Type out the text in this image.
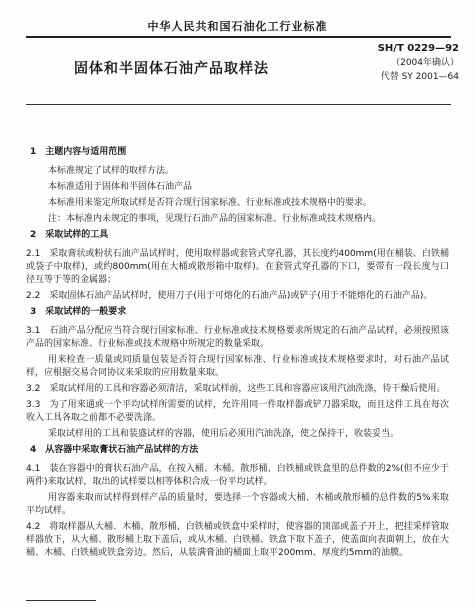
中华人民共和国石油化工行业标准
固体和半固体石油产品取样法
SH/T 0229—92
（2004年确认）
代替 SY 2001—64
1　主题内容与适用范围
本标准规定了试样的取样方法。
本标准适用于固体和半固体石油产品
本标准用来鉴定所取试样是否符合现行国家标准、行业标准或技术规格中的要求。
注：本标准内未规定的事项，见现行石油产品的国家标准、行业标准或技术规格内。
2　采取试样的工具
2.1　采取膏状或粉状石油产品试样时，使用取样器或套管式穿孔器，其长度约400mm(用在桶装、白铁桶或袋子中取样)，或约800mm(用在大桶或散形箱中取样)。在套管式穿孔器的下口，要带有一段长度与口径互等于等的金属器；
2.2　采取固体石油产品试样时，使用刀子(用于可熔化的石油产品)或铲子(用于不能熔化的石油产品)。
3　采取试样的一般要求
3.1　石油产品分配应当符合现行国家标准、行业标准或技术规格要求所规定的石油产品试样，必须按照该产品的国家标准、行业标准或技术规格中所规定的数量采取。
用来检查一质量或同质量包装是否符合现行国家标准、行业标准或技术规格要求时，对石油产品试样，应根据交易合同协议来采取的应用数量来取。
3.2　采取试样用的工具和容器必须清洁，采取试样前，这些工具和容器应该用汽油洗涤，待干燥后使用。
3.3　为了用来通或一个平均试样所需要的试样，允许用同一件取样器或铲刀器采取，而且这件工具在每次收入工具各取之前都不必要洗涤。
采取试样用的工具和装盛试样的容器，使用后必须用汽油洗涤，使之保持干，收装妥当。
4　从容器中采取膏状石油产品试样的方法
4.1　装在容器中的膏状石油产品，在按入桶、木桶、散形桶、白铁桶或铁盒里的总件数的2%(但不应少于两件)来取试样，取出的试样要以相等体积合成一份平均试样。
用容器来取而试样得到样产品的质量时，要选择一个容器或大桶、木桶或散形桶的总件数的5%来取平均试样。
4.2　将取样器从大桶、木桶、散形桶、白铁桶或铁盒中采样时，使容器的顶部或盖子开上，把挂采样管取样器放下，从大桶、散形桶上取下盖后，或从木桶、白铁桶、铁盒下取下盖子，使盖面向表面朝上，放在大桶、木桶、白铁桶或铁盒旁边。然后，从装满膏油的桶面上取平200mm、厚度约5mm的油膜。
